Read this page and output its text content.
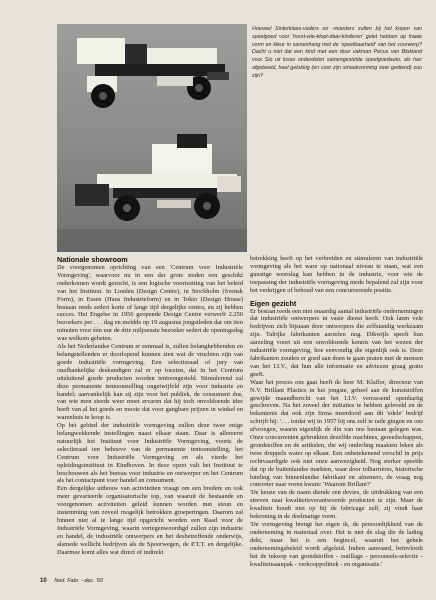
Hoeveel Sinterklaas-vaders en -moeders zullen bij het kopen van speelgoed voor 'hoort-wie-klopt-daar-kinderen' gelet hebben op fraaie vorm en kleur in samenhang met de 'speelbaarheid' van het voorwerp? Dacht u niet dat een kind met een door vakman Pecus van Blokland voor Sio uit losse onderdelen samengestelde speelgoedauto, als hier afgebeeld, heel gelukkig (en voor zijn smaakvorming zeer gediend) zou zijn?
Nationale showroom

De voorgenomen oprichting van een 'Centrum voor Industriële Vormgeving', waarvoor nu in een der grote steden een geschikt onderkomen wordt gezocht, is een logische voortzetting van het beleid van het Instituut. In Londen (Design Centre), in Stockholm (Svensk Form), in Essen (Haus Industrieform) en in Tokio (Design House) bestaan reeds sedert korte of lange tijd dergelijke centra, en zij hebben succes. Het Engelse in 1956 geopende Design Centre verwerft 2.250 bezoekers per . . . dag en meldde op 19 augustus jongstleden dat om tien minuten voor één uur de drie miljoenste bezoeker sedert de openingsdag was welkom geheten.

Als het Nederlandse Centrum er eenmaal is, zullen belanghebbenden en belangstellenden er doorlopend kunnen zien wat de vruchten zijn van goede industriële vormgeving. Een selectieraad of jury van onafhankelijke deskundigen zal er op toezien, dat in het Centrum uitsluitend goede producten worden tentoongesteld. Stimulerend zal deze permanente tentoonstelling ongetwijfeld zijn voor industrie en handel; aanvankelijk kan zij zijn voor het publiek, de consument dus, van wie men steeds weer moet ervaren dat hij toch onvoldoende idee heeft van al het goeds en mooie dat voor gangbare prijzen in winkel en warenhuis te koop is.

Op het gebied der industriële vormgeving zullen deze twee enige belangwekkende instellingen naast elkaar staan. Daar is allereerst natuurlijk het Instituut voor Industriële Vormgeving, voorts de selectieraad ten behoeve van de permanente tentoonstelling, het Centrum voor Industriële Vormgeving en als vierde het opleidingsinstituut in Eindhoven. In deze opzet valt het Instituut te beschouwen als het bureau voor industrie en ontwerper en het Centrum als het contactpunt voor handel en consument.

Een dergelijke uitbouw van activiteiten vraagt om een bredere en ook meer gevarieerde organisatorische top, van waaruit de bestaande en voorgenomen activiteiten geleid kunnen worden met steun en instemming van zoveel mogelijk betrokken groeperingen. Daarom zal binnen niet al te lange tijd opgericht worden een Raad voor de Industriële Vormgeving, waarin vertegenwoordigd zullen zijn industrie en handel, de industriële ontwerpers en het desbetreffende onderwijs, alsmede wellicht bedrijven als de Spoorwegen, de P.T.T. en dergelijke. Daarmee komt alles wat direct of indirekt

betrekking heeft op het verbreiden en stimuleren van industriële vormgeving als het ware op nationaal niveau te staan, wat een gunstige weerslag kan hebben in de industrie, voor wie de toepassing der industriële vormgeving mede bepalend zal zijn voor het verkrijgen of behoud van een concurrerende positie.

Eigen gezicht

Er bestaat reeds een niet onaardig aantal industriële ondernemingen dat industriële ontwerpers in vaste dienst heeft. Ook laten vele bedrijven zich bijstaan door ontwerpers die zelfstandig werkzaam zijn. Talrijke fabrikanten aarzelen nog. Dikwijls speelt hun aarzeling voort uit een onvoldoende kennis van het wezen der industriële vormgeving, hoe eenvoudig die eigenlijk ook is. Deze fabrikanten zouden er goed aan doen te gaan praten met de mensen van het I.I.V., dat hun alle informatie en adviezen graag gratis geeft.

Waar het proces ons gaat heeft de heer M. Klaffer, directeur van N.V. Brillant Plastics in het jongste, geheel aan de kunststoffen gewijde maandbericht van het I.I.V. verrassend openhartig geschreven. Na het zoveel der initiaties te hebben geleveld en de bekentenis dat ook zijn firma meerdood aan dit 'edele' bedrijf schrijft hij: '. . . totdat wij in 1957 bij ons zelf te rade gingen en ons afvroegen, waarin eigenlijk de din van ons bestaan gelegen was. Onze concurrenten gebruikten dezelfde machines, gereedschappen, grondstoffen en de artikelen, die wij onderling maakten leken als twee druppels water op elkaar. Een onbetekenend verschil in prijs rechtvaardigde ook niet onze aanwezigheid. Nog sterker speelde dat op de buitenlandse markten, waar door tolbarrières, historische binding van binnenlandse fabrikant en afnemers, de vraag nog concreter naar voren kwam: 'Waarom Brillant?'

'De keuze van de naam diende een devies, de uitdrukking van een streven naar kwaliteitsverantwoorde producten te zijn. Maar de kwaliteit houdt niet op bij de fabricage zelf, zij vindt haar bekroning in de doelmatige vorm.

'De vormgeving brengt het eigen ik, de persoonlijkheid van de onderneming in materiaal over. Het is niet de slag die de lading dekt, maar het is een begincel, waaruit het gehele ondernemingsbeleid wordt afgeleid. Indien aanvaard, beïnvloedt het de inkoop van grondstoffen - outillage - personeels-selectie - kwaliteitsaanpak - verkooppolitiek - en organisatie.'

10 Ned. Fabr. - dec. '60
